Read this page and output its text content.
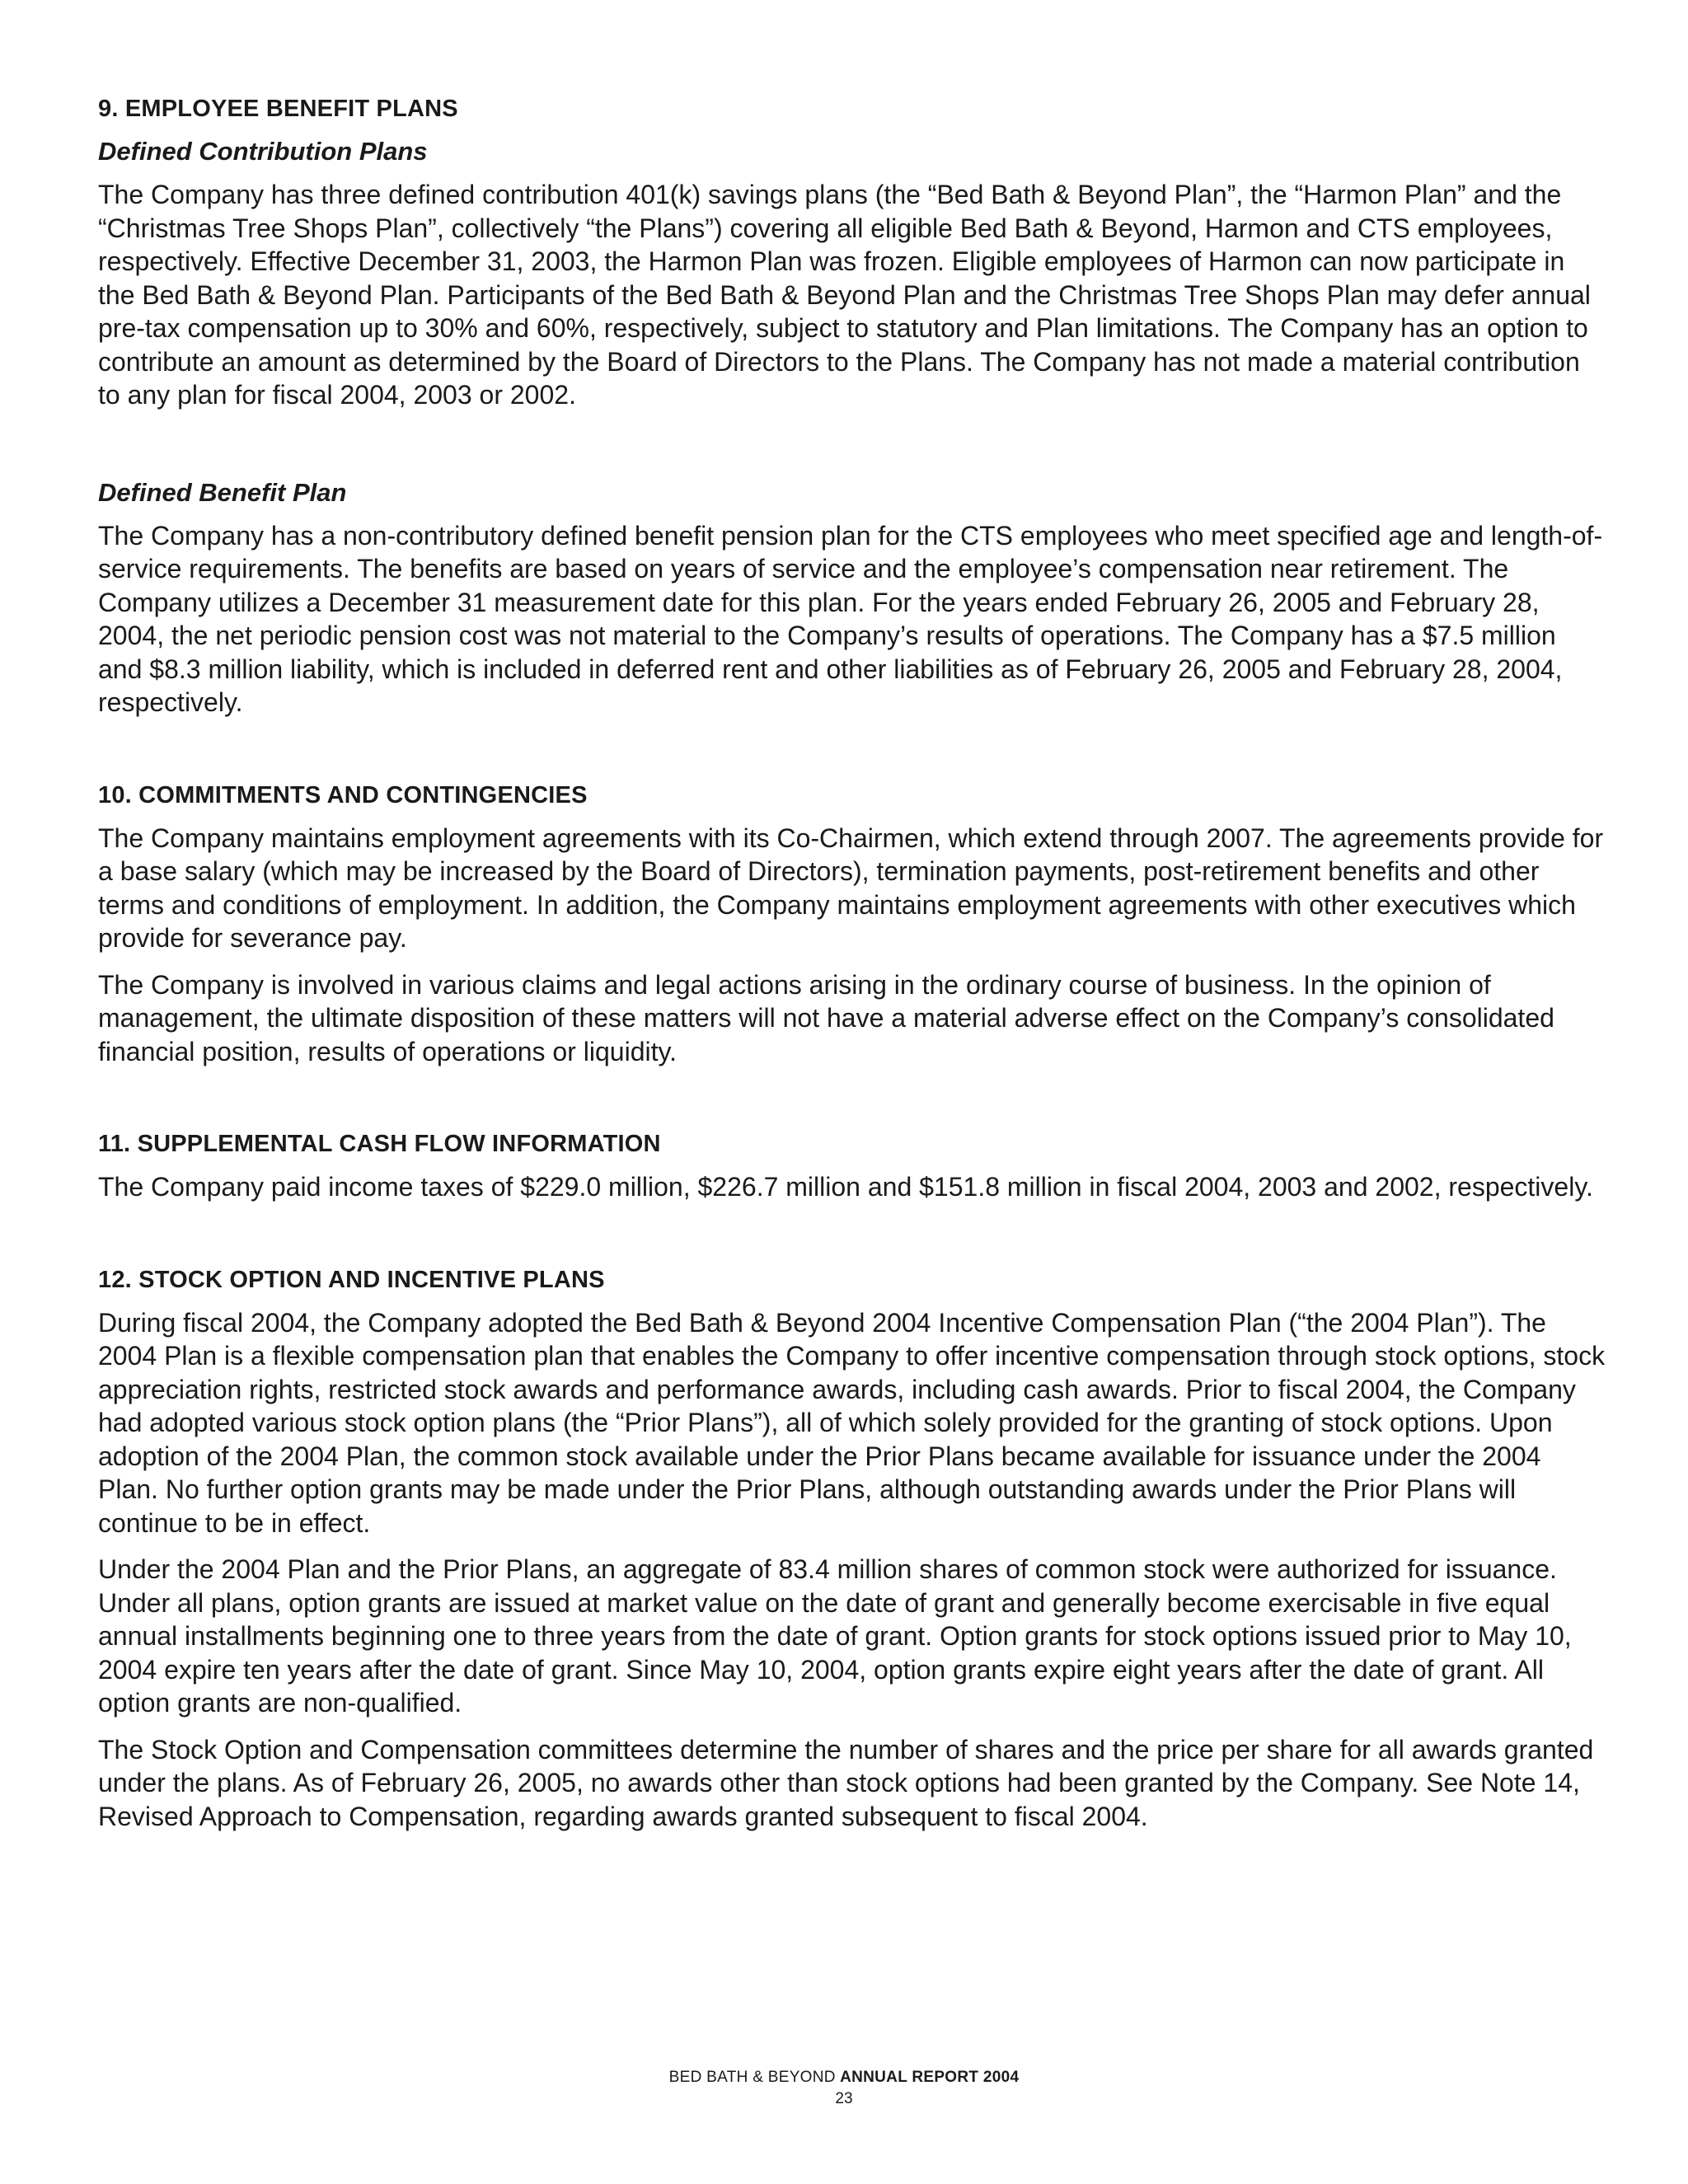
9. EMPLOYEE BENEFIT PLANS
Defined Contribution Plans

The Company has three defined contribution 401(k) savings plans (the “Bed Bath & Beyond Plan”, the “Harmon Plan” and the “Christmas Tree Shops Plan”, collectively “the Plans”) covering all eligible Bed Bath & Beyond, Harmon and CTS employees, respectively. Effective December 31, 2003, the Harmon Plan was frozen. Eligible employees of Harmon can now participate in the Bed Bath & Beyond Plan. Participants of the Bed Bath & Beyond Plan and the Christmas Tree Shops Plan may defer annual pre-tax compensation up to 30% and 60%, respectively, subject to statutory and Plan limitations. The Company has an option to contribute an amount as determined by the Board of Directors to the Plans. The Company has not made a material contribution to any plan for fiscal 2004, 2003 or 2002.

Defined Benefit Plan

The Company has a non-contributory defined benefit pension plan for the CTS employees who meet specified age and length-of-service requirements. The benefits are based on years of service and the employee’s compensation near retirement. The Company utilizes a December 31 measurement date for this plan. For the years ended February 26, 2005 and February 28, 2004, the net periodic pension cost was not material to the Company’s results of operations. The Company has a $7.5 million and $8.3 million liability, which is included in deferred rent and other liabilities as of February 26, 2005 and February 28, 2004, respectively.

10. COMMITMENTS AND CONTINGENCIES

The Company maintains employment agreements with its Co-Chairmen, which extend through 2007. The agreements provide for a base salary (which may be increased by the Board of Directors), termination payments, post-retirement benefits and other terms and conditions of employment. In addition, the Company maintains employment agreements with other executives which provide for severance pay.

The Company is involved in various claims and legal actions arising in the ordinary course of business. In the opinion of management, the ultimate disposition of these matters will not have a material adverse effect on the Company’s consolidated financial position, results of operations or liquidity.

11. SUPPLEMENTAL CASH FLOW INFORMATION

The Company paid income taxes of $229.0 million, $226.7 million and $151.8 million in fiscal 2004, 2003 and 2002, respectively.

12. STOCK OPTION AND INCENTIVE PLANS

During fiscal 2004, the Company adopted the Bed Bath & Beyond 2004 Incentive Compensation Plan (“the 2004 Plan”). The 2004 Plan is a flexible compensation plan that enables the Company to offer incentive compensation through stock options, stock appreciation rights, restricted stock awards and performance awards, including cash awards. Prior to fiscal 2004, the Company had adopted various stock option plans (the “Prior Plans”), all of which solely provided for the granting of stock options. Upon adoption of the 2004 Plan, the common stock available under the Prior Plans became available for issuance under the 2004 Plan. No further option grants may be made under the Prior Plans, although outstanding awards under the Prior Plans will continue to be in effect.

Under the 2004 Plan and the Prior Plans, an aggregate of 83.4 million shares of common stock were authorized for issuance. Under all plans, option grants are issued at market value on the date of grant and generally become exercisable in five equal annual installments beginning one to three years from the date of grant. Option grants for stock options issued prior to May 10, 2004 expire ten years after the date of grant. Since May 10, 2004, option grants expire eight years after the date of grant. All option grants are non-qualified.

The Stock Option and Compensation committees determine the number of shares and the price per share for all awards granted under the plans. As of February 26, 2005, no awards other than stock options had been granted by the Company. See Note 14, Revised Approach to Compensation, regarding awards granted subsequent to fiscal 2004.

BED BATH & BEYOND ANNUAL REPORT 2004
23
